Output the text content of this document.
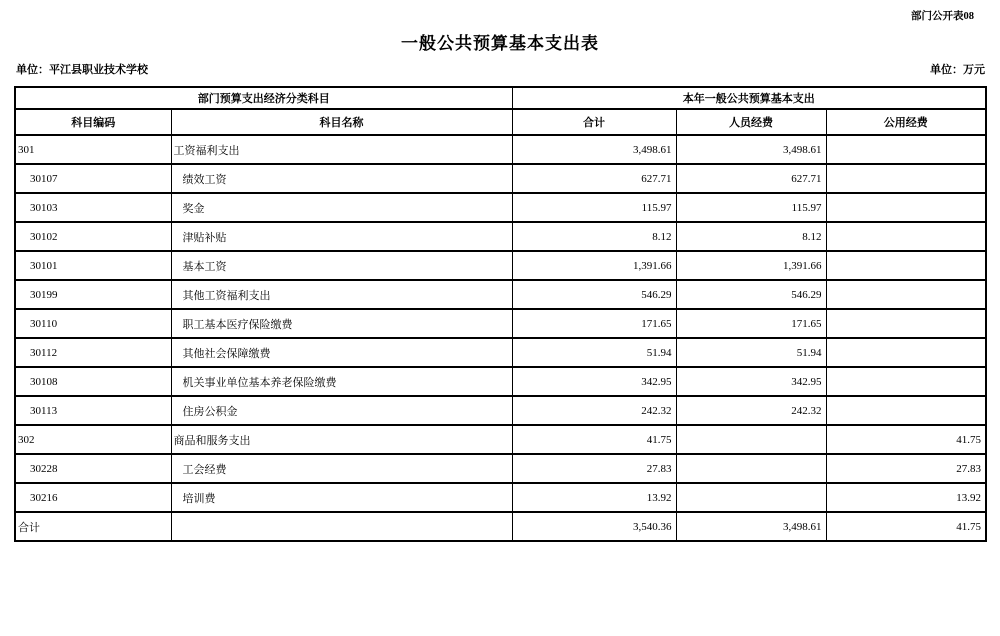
部门公开表08
一般公共预算基本支出表
单位：平江县职业技术学校	单位：万元
部门预算支出经济分类科目		本年一般公共预算基本支出		
科目编码	科目名称	合计	人员经费	公用经费
301	工资福利支出	3,498.61	3,498.61	
30107	绩效工资	627.71	627.71	
30103	奖金	115.97	115.97	
30102	津贴补贴	8.12	8.12	
30101	基本工资	1,391.66	1,391.66	
30199	其他工资福利支出	546.29	546.29	
30110	职工基本医疗保险缴费	171.65	171.65	
30112	其他社会保障缴费	51.94	51.94	
30108	机关事业单位基本养老保险缴费	342.95	342.95	
30113	住房公积金	242.32	242.32	
302	商品和服务支出	41.75		41.75
30228	工会经费	27.83		27.83
30216	培训费	13.92		13.92
合计		3,540.36	3,498.61	41.75
